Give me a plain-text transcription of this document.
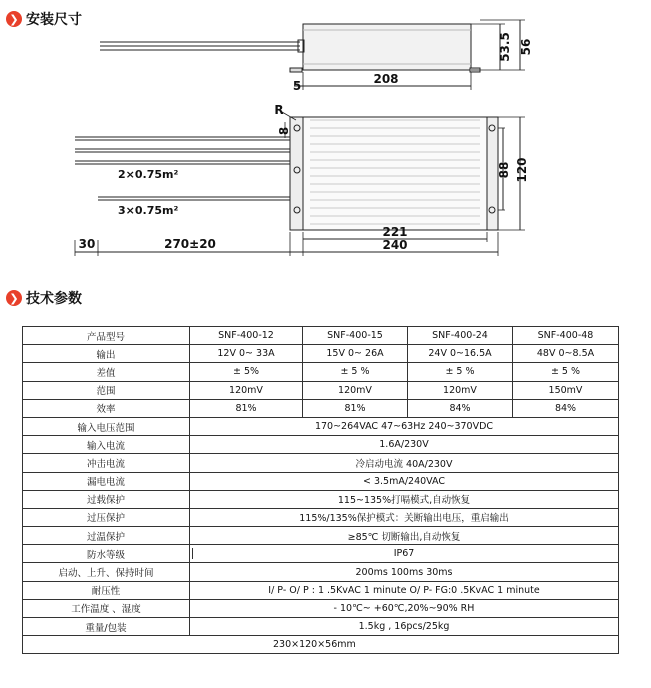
❯ 安装尺寸
208
5
53.5 56
R
8
2×0.75m²
3×0.75m²
30	270±20
221
240
88 120
❯ 技术参数
产品型号	SNF-400-12	SNF-400-15	SNF-400-24	SNF-400-48
输出	12V 0~ 33A	15V 0~ 26A	24V 0~16.5A	48V 0~8.5A
差值	± 5%	± 5 %	± 5 %	± 5 %
范围	120mV	120mV	120mV	150mV
效率	81%	81%	84%	84%
输入电压范围	170~264VAC 47~63Hz 240~370VDC			
输入电流	1.6A/230V			
冲击电流	冷启动电流 40A/230V			
漏电电流	< 3.5mA/240VAC			
过载保护	115~135%打嗝模式,自动恢复			
过压保护	115%/135%保护模式：关断输出电压，重启输出			
过温保护	≥85℃ 切断输出,自动恢复			
防水等级	IP67			
启动、上升、保持时间	200ms 100ms 30ms			
耐压性	I/ P- O/ P : 1 .5KvAC 1 minute O/ P- FG:0 .5KvAC 1 minute			
工作温度 、湿度	- 10℃~ +60℃,20%~90% RH			
重量/包装	1.5kg , 16pcs/25kg			
230×120×56mm				
